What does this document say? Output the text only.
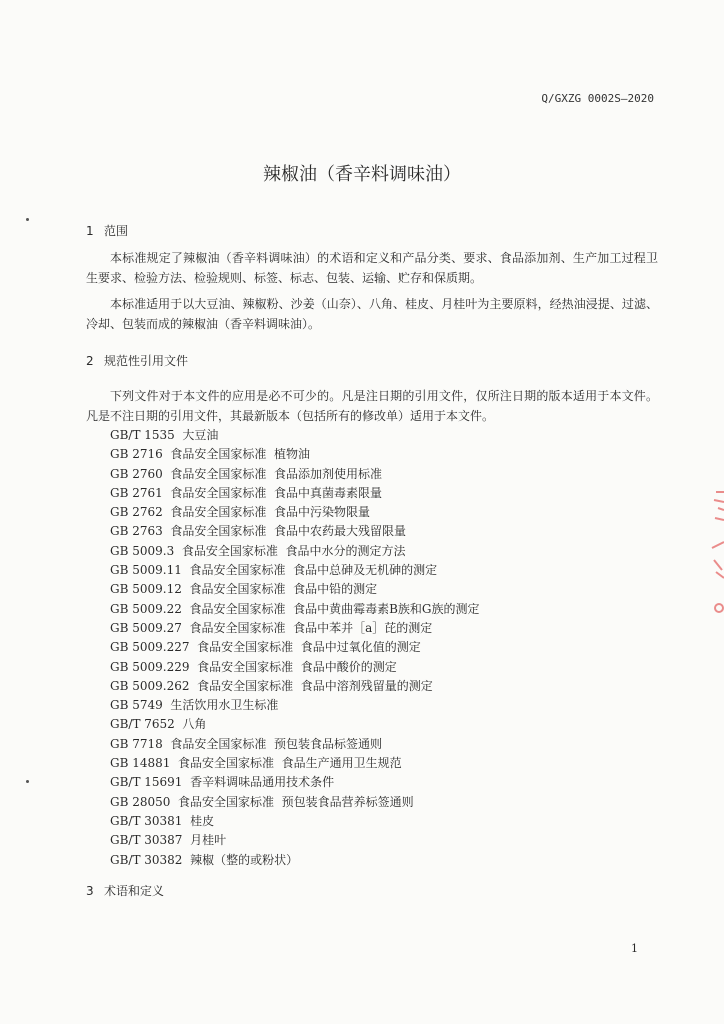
Q/GXZG 0002S—2020
辣椒油（香辛料调味油）
1 范围

本标准规定了辣椒油（香辛料调味油）的术语和定义和产品分类、要求、食品添加剂、生产加工过程卫生要求、检验方法、检验规则、标签、标志、包装、运输、贮存和保质期。

本标准适用于以大豆油、辣椒粉、沙姜（山奈）、八角、桂皮、月桂叶为主要原料，经热油浸提、过滤、冷却、包装而成的辣椒油（香辛料调味油）。

2 规范性引用文件

下列文件对于本文件的应用是必不可少的。凡是注日期的引用文件，仅所注日期的版本适用于本文件。凡是不注日期的引用文件，其最新版本（包括所有的修改单）适用于本文件。

GB/T 1535  大豆油
GB 2716  食品安全国家标准  植物油
GB 2760  食品安全国家标准  食品添加剂使用标准
GB 2761  食品安全国家标准  食品中真菌毒素限量
GB 2762  食品安全国家标准  食品中污染物限量
GB 2763  食品安全国家标准  食品中农药最大残留限量
GB 5009.3  食品安全国家标准  食品中水分的测定方法
GB 5009.11  食品安全国家标准  食品中总砷及无机砷的测定
GB 5009.12  食品安全国家标准  食品中铅的测定
GB 5009.22  食品安全国家标准  食品中黄曲霉毒素B族和G族的测定
GB 5009.27  食品安全国家标准  食品中苯并［a］芘的测定
GB 5009.227  食品安全国家标准  食品中过氧化值的测定
GB 5009.229  食品安全国家标准  食品中酸价的测定
GB 5009.262  食品安全国家标准  食品中溶剂残留量的测定
GB 5749  生活饮用水卫生标准
GB/T 7652  八角
GB 7718  食品安全国家标准  预包装食品标签通则
GB 14881  食品安全国家标准  食品生产通用卫生规范
GB/T 15691  香辛料调味品通用技术条件
GB 28050  食品安全国家标准  预包装食品营养标签通则
GB/T 30381  桂皮
GB/T 30387  月桂叶
GB/T 30382  辣椒（整的或粉状）
3 术语和定义
1
